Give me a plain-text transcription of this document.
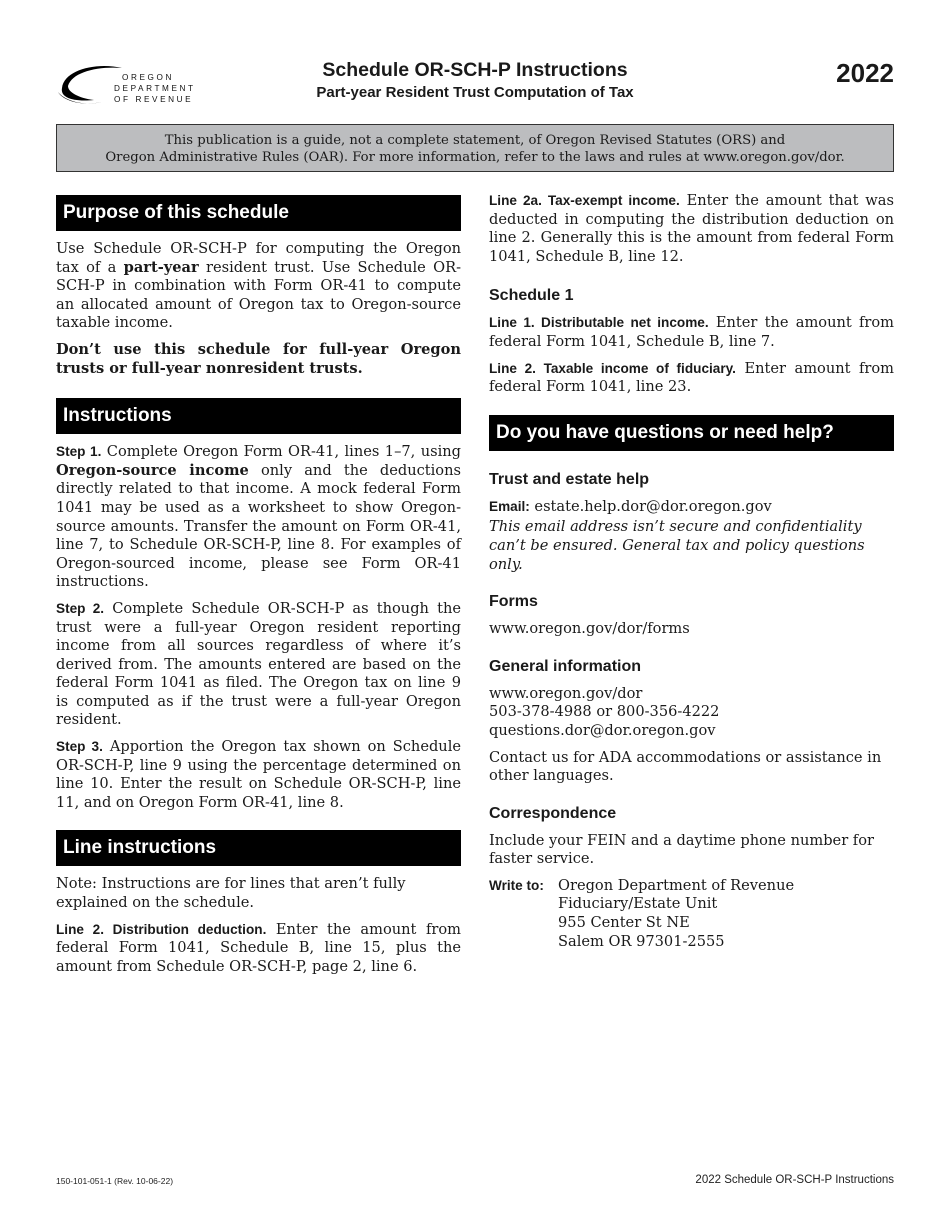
OREGON
DEPARTMENT
OF REVENUE
Schedule OR-SCH-P Instructions
Part-year Resident Trust Computation of Tax
2022
This publication is a guide, not a complete statement, of Oregon Revised Statutes (ORS) and
Oregon Administrative Rules (OAR). For more information, refer to the laws and rules at www.oregon.gov/dor.
Purpose of this schedule

Use Schedule OR-SCH-P for computing the Oregon tax of a part-year resident trust. Use Schedule OR-SCH-P in combination with Form OR-41 to compute an allocated amount of Oregon tax to Oregon-source taxable income.

Don’t use this schedule for full-year Oregon trusts or full-year nonresident trusts.

Instructions

Step 1. Complete Oregon Form OR-41, lines 1–7, using Oregon-source income only and the deductions directly related to that income. A mock federal Form 1041 may be used as a worksheet to show Oregon-source amounts. Transfer the amount on Form OR-41, line 7, to Schedule OR-SCH-P, line 8. For examples of Oregon-sourced income, please see Form OR-41 instructions.

Step 2. Complete Schedule OR-SCH-P as though the trust were a full-year Oregon resident reporting income from all sources regardless of where it’s derived from. The amounts entered are based on the federal Form 1041 as filed. The Oregon tax on line 9 is computed as if the trust were a full-year Oregon resident.

Step 3. Apportion the Oregon tax shown on Schedule OR-SCH-P, line 9 using the percentage determined on line 10. Enter the result on Schedule OR-SCH-P, line 11, and on Oregon Form OR-41, line 8.

Line instructions

Note: Instructions are for lines that aren’t fully explained on the schedule.

Line 2. Distribution deduction. Enter the amount from federal Form 1041, Schedule B, line 15, plus the amount from Schedule OR-SCH-P, page 2, line 6.

Line 2a. Tax-exempt income. Enter the amount that was deducted in computing the distribution deduction on line 2. Generally this is the amount from federal Form 1041, Schedule B, line 12.

Schedule 1

Line 1. Distributable net income. Enter the amount from federal Form 1041, Schedule B, line 7.

Line 2. Taxable income of fiduciary. Enter amount from federal Form 1041, line 23.

Do you have questions or need help?
Trust and estate help

Email: estate.help.dor@dor.oregon.gov

This email address isn’t secure and confidentiality can’t be ensured. General tax and policy questions only.

Forms

www.oregon.gov/dor/forms

General information

www.oregon.gov/dor
503-378-4988 or 800-356-4222
questions.dor@dor.oregon.gov

Contact us for ADA accommodations or assistance in other languages.

Correspondence

Include your FEIN and a daytime phone number for faster service.

Write to: Oregon Department of Revenue
Fiduciary/Estate Unit
955 Center St NE
Salem OR 97301-2555
150-101-051-1 (Rev. 10-06-22)	2022 Schedule OR-SCH-P Instructions
